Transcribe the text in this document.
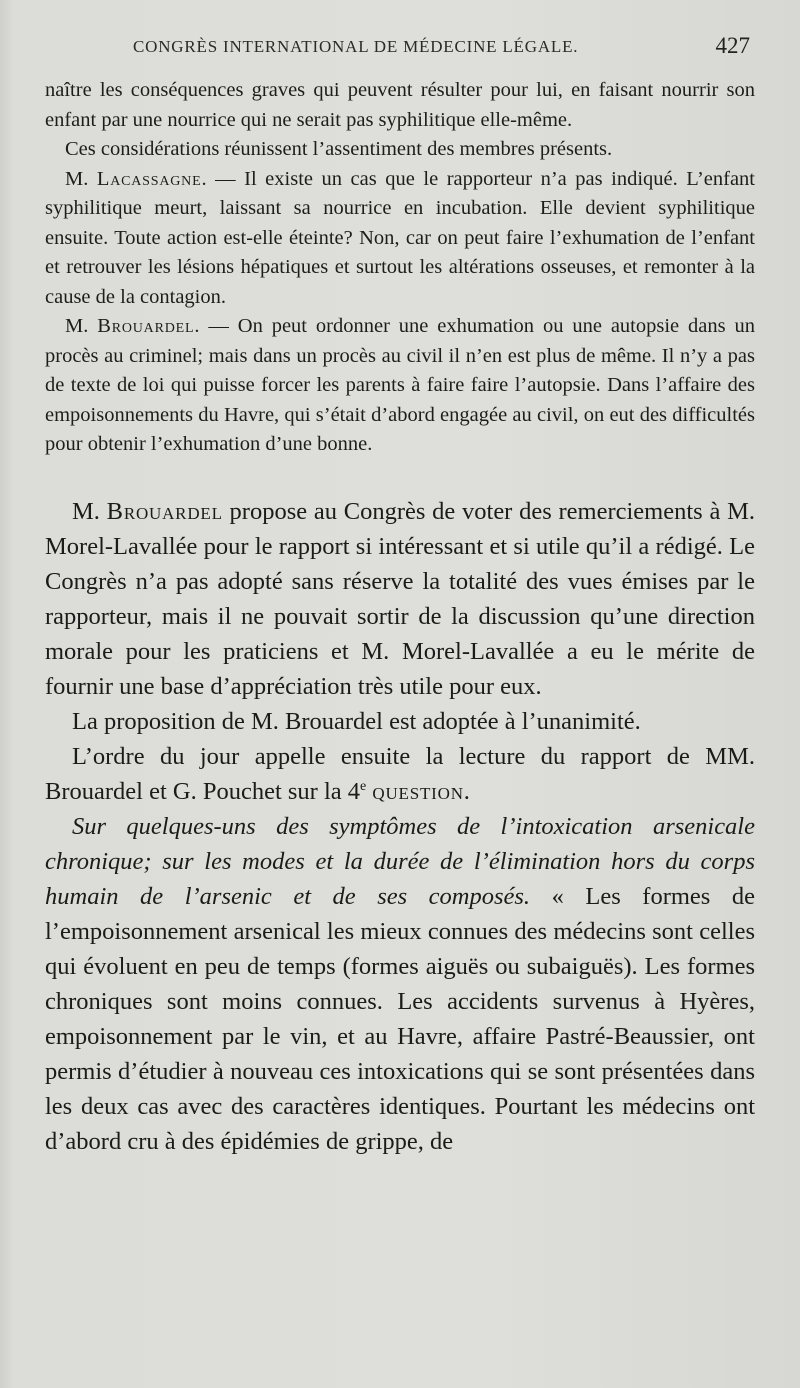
CONGRÈS INTERNATIONAL DE MÉDECINE LÉGALE.	427

naître les conséquences graves qui peuvent résulter pour lui, en faisant nourrir son enfant par une nourrice qui ne serait pas syphilitique elle-même.

Ces considérations réunissent l’assentiment des membres présents.

M. Lacassagne. — Il existe un cas que le rapporteur n’a pas indiqué. L’enfant syphilitique meurt, laissant sa nourrice en incubation. Elle devient syphilitique ensuite. Toute action est-elle éteinte? Non, car on peut faire l’exhumation de l’enfant et retrouver les lésions hépatiques et surtout les altérations osseuses, et remonter à la cause de la contagion.

M. Brouardel. — On peut ordonner une exhumation ou une autopsie dans un procès au criminel; mais dans un procès au civil il n’en est plus de même. Il n’y a pas de texte de loi qui puisse forcer les parents à faire faire l’autopsie. Dans l’affaire des empoisonnements du Havre, qui s’était d’abord engagée au civil, on eut des difficultés pour obtenir l’exhumation d’une bonne.

M. Brouardel propose au Congrès de voter des remerciements à M. Morel-Lavallée pour le rapport si intéressant et si utile qu’il a rédigé. Le Congrès n’a pas adopté sans réserve la totalité des vues émises par le rapporteur, mais il ne pouvait sortir de la discussion qu’une direction morale pour les praticiens et M. Morel-Lavallée a eu le mérite de fournir une base d’appréciation très utile pour eux.

La proposition de M. Brouardel est adoptée à l’unanimité.

L’ordre du jour appelle ensuite la lecture du rapport de MM. Brouardel et G. Pouchet sur la 4e question.

Sur quelques-uns des symptômes de l’intoxication arsenicale chronique; sur les modes et la durée de l’élimination hors du corps humain de l’arsenic et de ses composés. « Les formes de l’empoisonnement arsenical les mieux connues des médecins sont celles qui évoluent en peu de temps (formes aiguës ou subaiguës). Les formes chroniques sont moins connues. Les accidents survenus à Hyères, empoisonnement par le vin, et au Havre, affaire Pastré-Beaussier, ont permis d’étudier à nouveau ces intoxications qui se sont présentées dans les deux cas avec des caractères identiques. Pourtant les médecins ont d’abord cru à des épidémies de grippe, de
